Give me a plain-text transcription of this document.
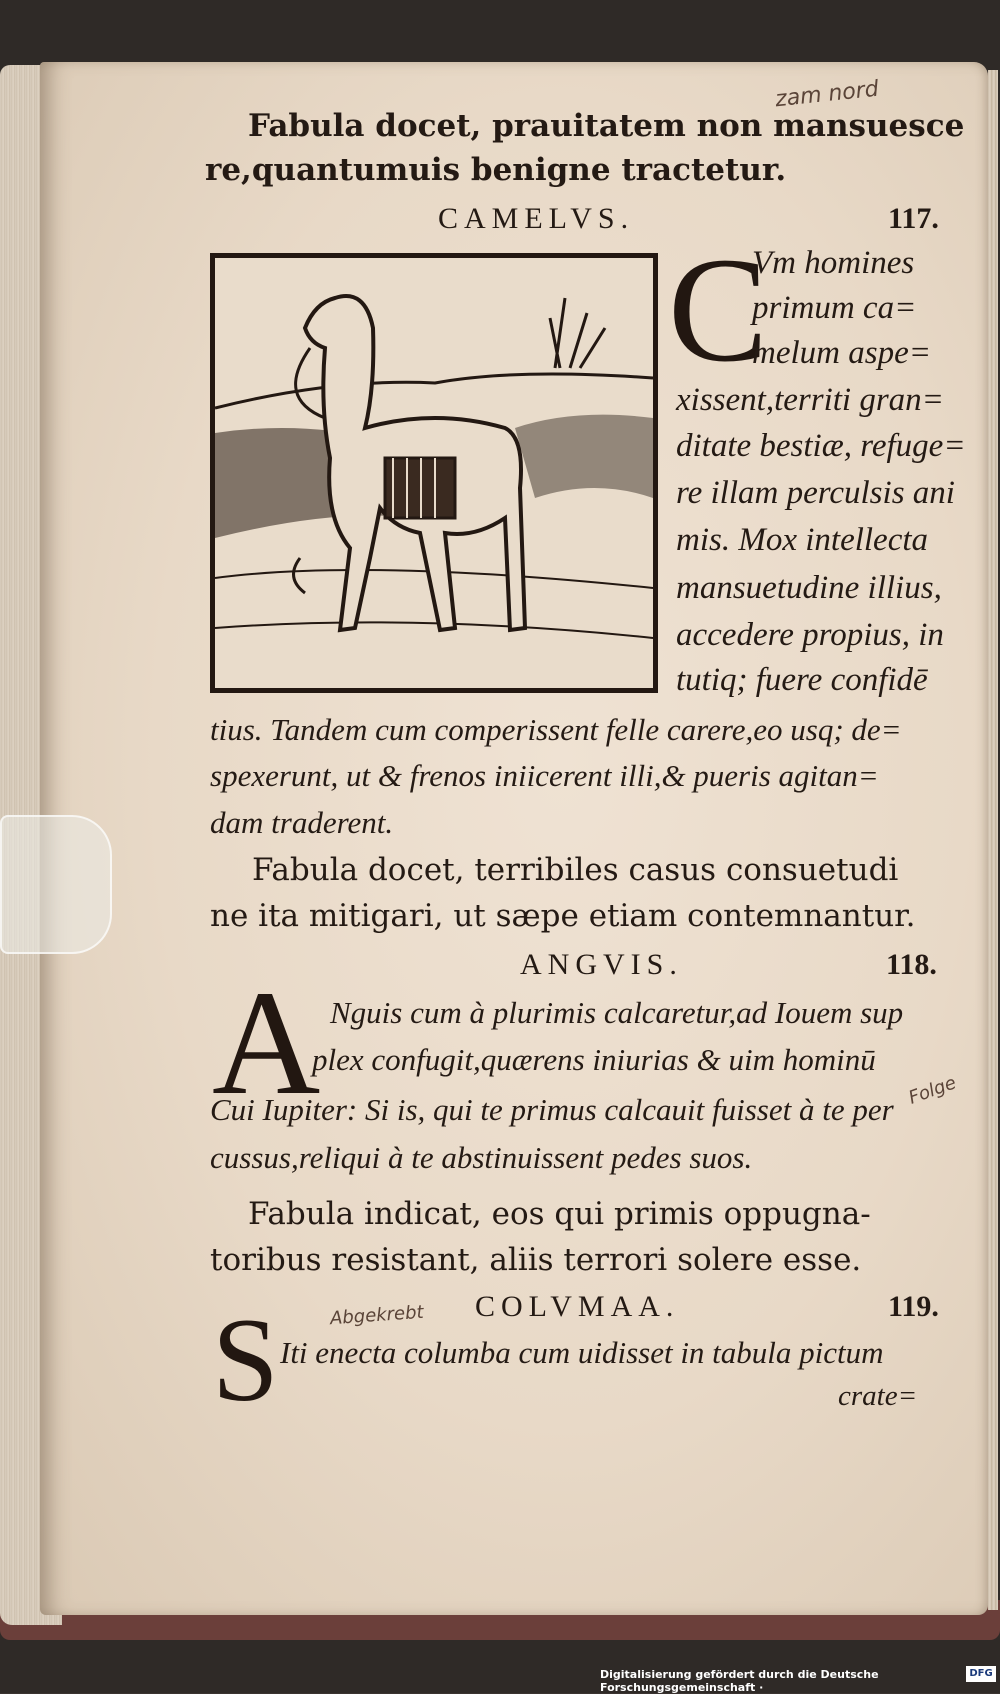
zam nord
Fabula docet, prauitatem non mansuesce
re,quantumuis benigne tractetur.
CAMELVS.	117.
C
Vm homines
primum ca=
melum aspe=
xissent,territi gran=
ditate bestiæ, refuge=
re illam perculsis ani
mis. Mox intellecta
mansuetudine illius,
accedere propius, in
tutiq; fuere confidē
tius. Tandem cum comperissent felle carere,eo usq; de=
spexerunt, ut & frenos iniicerent illi,& pueris agitan=
dam traderent.
Fabula docet, terribiles casus consuetudi
ne ita mitigari, ut sæpe etiam contemnantur.
ANGVIS.	118.
A Nguis cum à plurimis calcaretur,ad Iouem sup
plex confugit,quærens iniurias & uim hominū
Cui Iupiter: Si is, qui te primus calcauit fuisset à te per
cussus,reliqui à te abstinuissent pedes suos.
Folge
Fabula indicat, eos qui primis oppugna-
toribus resistant, aliis terrori solere esse.
COLVMAA.	119.
Abgekrebt
S Iti enecta columba cum uidisset in tabula pictum
crate=
Digitalisierung gefördert durch die Deutsche Forschungsgemeinschaft ·
DFG
